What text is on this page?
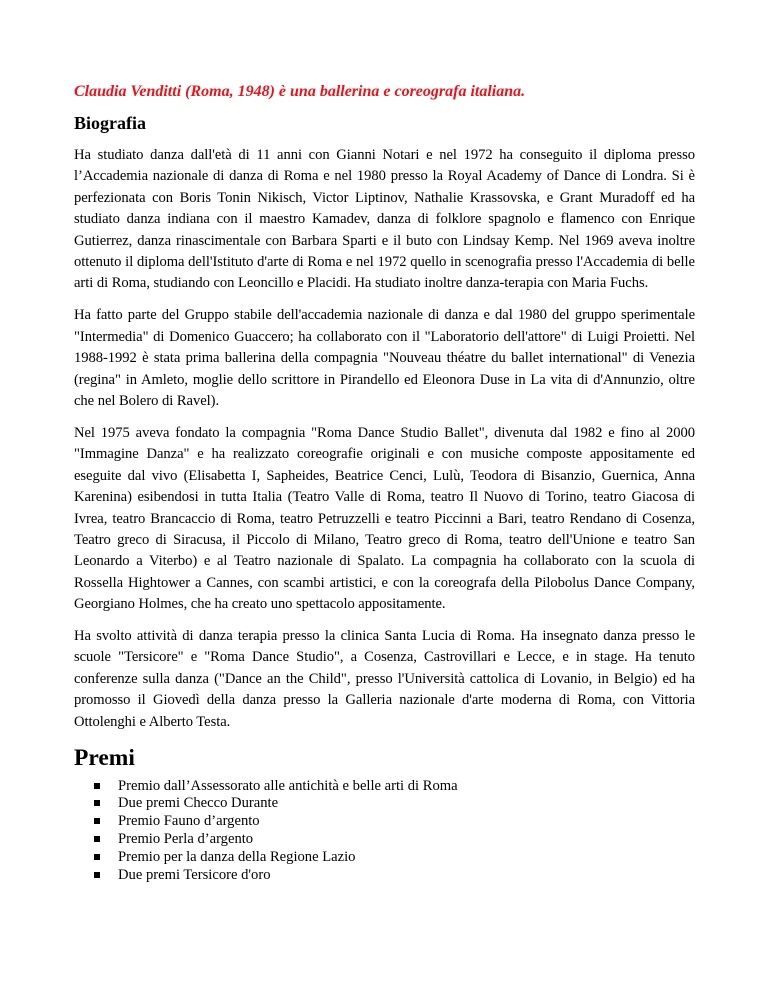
Claudia Venditti (Roma, 1948) è una ballerina e coreografa italiana.

Biografia

Ha studiato danza dall'età di 11 anni con Gianni Notari e nel 1972 ha conseguito il diploma presso l’Accademia nazionale di danza di Roma e nel 1980 presso la Royal Academy of Dance di Londra. Si è perfezionata con Boris Tonin Nikisch, Victor Liptinov, Nathalie Krassovska, e Grant Muradoff ed ha studiato danza indiana con il maestro Kamadev, danza di folklore spagnolo e flamenco con Enrique Gutierrez, danza rinascimentale con Barbara Sparti e il buto con Lindsay Kemp. Nel 1969 aveva inoltre ottenuto il diploma dell'Istituto d'arte di Roma e nel 1972 quello in scenografia presso l'Accademia di belle arti di Roma, studiando con Leoncillo e Placidi. Ha studiato inoltre danza-terapia con Maria Fuchs.

Ha fatto parte del Gruppo stabile dell'accademia nazionale di danza e dal 1980 del gruppo sperimentale "Intermedia" di Domenico Guaccero; ha collaborato con il "Laboratorio dell'attore" di Luigi Proietti. Nel 1988-1992 è stata prima ballerina della compagnia "Nouveau théatre du ballet international" di Venezia (regina" in Amleto, moglie dello scrittore in Pirandello ed Eleonora Duse in La vita di d'Annunzio, oltre che nel Bolero di Ravel).

Nel 1975 aveva fondato la compagnia "Roma Dance Studio Ballet", divenuta dal 1982 e fino al 2000 "Immagine Danza" e ha realizzato coreografie originali e con musiche composte appositamente ed eseguite dal vivo (Elisabetta I, Sapheides, Beatrice Cenci, Lulù, Teodora di Bisanzio, Guernica, Anna Karenina) esibendosi in tutta Italia (Teatro Valle di Roma, teatro Il Nuovo di Torino, teatro Giacosa di Ivrea, teatro Brancaccio di Roma, teatro Petruzzelli e teatro Piccinni a Bari, teatro Rendano di Cosenza, Teatro greco di Siracusa, il Piccolo di Milano, Teatro greco di Roma, teatro dell'Unione e teatro San Leonardo a Viterbo) e al Teatro nazionale di Spalato. La compagnia ha collaborato con la scuola di Rossella Hightower a Cannes, con scambi artistici, e con la coreografa della Pilobolus Dance Company, Georgiano Holmes, che ha creato uno spettacolo appositamente.

Ha svolto attività di danza terapia presso la clinica Santa Lucia di Roma. Ha insegnato danza presso le scuole "Tersicore" e "Roma Dance Studio", a Cosenza, Castrovillari e Lecce, e in stage. Ha tenuto conferenze sulla danza ("Dance an the Child", presso l'Università cattolica di Lovanio, in Belgio) ed ha promosso il Giovedì della danza presso la Galleria nazionale d'arte moderna di Roma, con Vittoria Ottolenghi e Alberto Testa.

Premi
Premio dall’Assessorato alle antichità e belle arti di Roma
Due premi Checco Durante
Premio Fauno d’argento
Premio Perla d’argento
Premio per la danza della Regione Lazio
Due premi Tersicore d'oro
